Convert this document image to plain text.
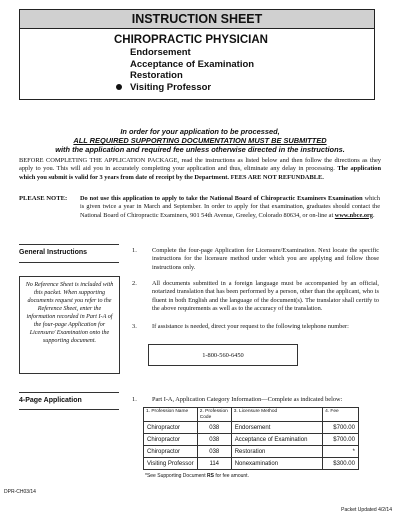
INSTRUCTION SHEET
CHIROPRACTIC PHYSICIAN
Endorsement
Acceptance of Examination
Restoration
Visiting Professor
In order for your application to be processed,
ALL REQUIRED SUPPORTING DOCUMENTATION MUST BE SUBMITTED
with the application and required fee unless otherwise directed in the instructions.
BEFORE COMPLETING THE APPLICATION PACKAGE, read the instructions as listed below and then follow the directions as they apply to you. This will aid you in accurately completing your application and thus, eliminate any delay in processing. The application which you submit is valid for 3 years from date of receipt by the Department. FEES ARE NOT REFUNDABLE.
PLEASE NOTE: Do not use this application to apply to take the National Board of Chiropractic Examiners Examination which is given twice a year in March and September. In order to apply for that examination, graduates should contact the National Board of Chiropractic Examiners, 901 54th Avenue, Greeley, Colorado 80634, or on-line at www.nbce.org.
General Instructions	1. Complete the four-page Application for Licensure/Examination. Next locate the specific instructions for the licensure method under which you are applying and follow those instructions only.
2. All documents submitted in a foreign language must be accompanied by an official, notarized translation that has been performed by a person, other than the applicant, who is fluent in both English and the language of the document(s). The translator shall certify to the above requirements as well as to the accuracy of the translation.
3. If assistance is needed, direct your request to the following telephone number:
No Reference Sheet is included with this packet. When supporting documents request you refer to the Reference Sheet, enter the information recorded in Part I-A of the four-page Application for Licensure/ Examination onto the supporting document.
1-800-560-6450
4-Page Application	1. Part I-A, Application Category Information—Complete as indicated below:
1. Profession Name	2. Profession Code	3. Licensure Method	4. Fee
Chiropractor	038	Endorsement	$700.00
Chiropractor	038	Acceptance of Examination	$700.00
Chiropractor	038	Restoration	*
Visiting Professor	114	Nonexamination	$300.00
*See Supporting Document RS for fee amount.
DPR-CH03/14
Packet Updated 4/2/14
